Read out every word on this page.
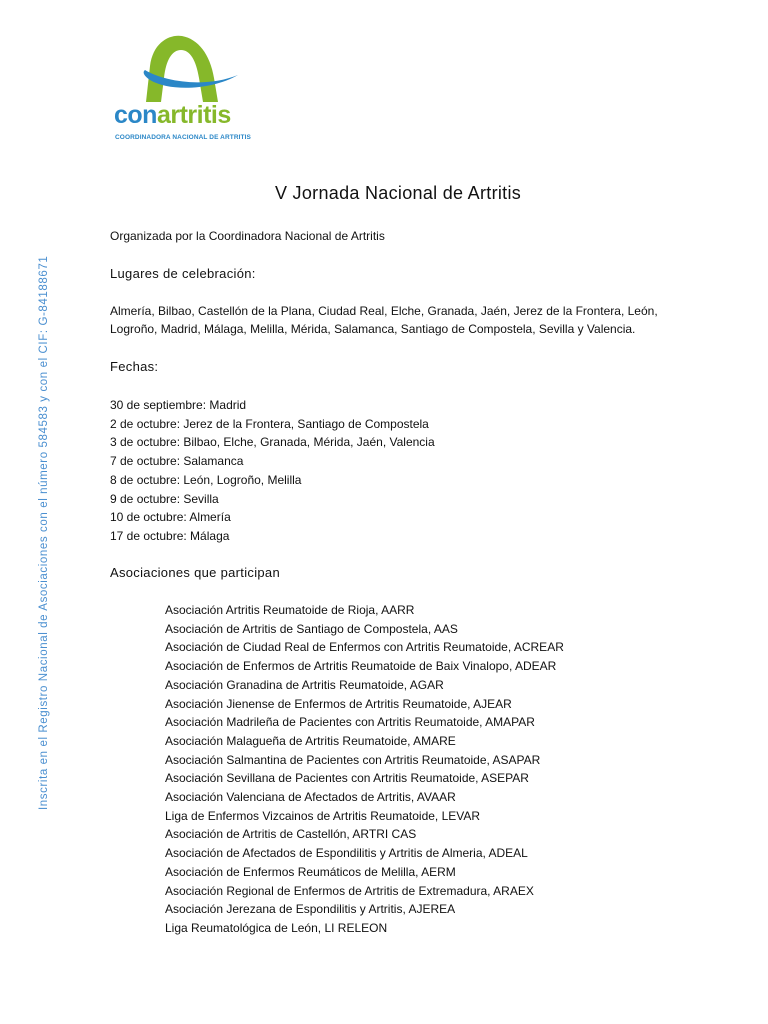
conartritis
COORDINADORA NACIONAL DE ARTRITIS
Inscrita en el Registro Nacional de Asociaciones con el número 584583 y con el CIF: G-84188671
V Jornada Nacional de Artritis
Organizada por la Coordinadora Nacional de Artritis
Lugares de celebración:
Almería, Bilbao, Castellón de la Plana, Ciudad Real, Elche, Granada, Jaén, Jerez de la Frontera, León,
Logroño, Madrid, Málaga, Melilla, Mérida, Salamanca, Santiago de Compostela, Sevilla y Valencia.
Fechas:
30 de septiembre: Madrid
2 de octubre: Jerez de la Frontera, Santiago de Compostela
3 de octubre: Bilbao, Elche, Granada, Mérida, Jaén, Valencia
7 de octubre: Salamanca
8 de octubre: León, Logroño, Melilla
9 de octubre: Sevilla
10 de octubre: Almería
17 de octubre: Málaga
Asociaciones que participan
Asociación Artritis Reumatoide de Rioja, AARR
Asociación de Artritis de Santiago de Compostela, AAS
Asociación de Ciudad Real de Enfermos con Artritis Reumatoide, ACREAR
Asociación de Enfermos de Artritis Reumatoide de Baix Vinalopo, ADEAR
Asociación Granadina de Artritis Reumatoide, AGAR
Asociación Jienense de Enfermos de Artritis Reumatoide, AJEAR
Asociación Madrileña de Pacientes con Artritis Reumatoide, AMAPAR
Asociación Malagueña de Artritis Reumatoide, AMARE
Asociación Salmantina de Pacientes con Artritis Reumatoide, ASAPAR
Asociación Sevillana de Pacientes con Artritis Reumatoide, ASEPAR
Asociación Valenciana de Afectados de Artritis, AVAAR
Liga de Enfermos Vizcainos de Artritis Reumatoide, LEVAR
Asociación de Artritis de Castellón, ARTRI CAS
Asociación de Afectados de Espondilitis y Artritis de Almeria, ADEAL
Asociación de Enfermos Reumáticos de Melilla, AERM
Asociación Regional de Enfermos de Artritis de Extremadura, ARAEX
Asociación Jerezana de Espondilitis y Artritis, AJEREA
Liga Reumatológica de León, LI RELEON
